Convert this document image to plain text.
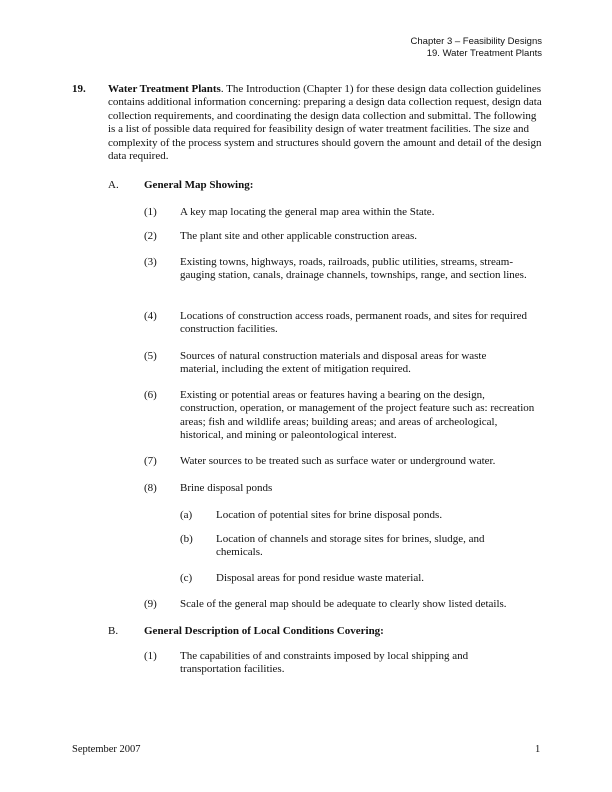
Chapter 3 – Feasibility Designs
19. Water Treatment Plants
19. Water Treatment Plants. The Introduction (Chapter 1) for these design data collection guidelines contains additional information concerning: preparing a design data collection request, design data collection requirements, and coordinating the design data collection and submittal. The following is a list of possible data required for feasibility design of water treatment facilities. The size and complexity of the process system and structures should govern the amount and detail of the design data required.
A. General Map Showing:
(1) A key map locating the general map area within the State.
(2) The plant site and other applicable construction areas.
(3) Existing towns, highways, roads, railroads, public utilities, streams, stream-gauging station, canals, drainage channels, townships, range, and section lines.
(4) Locations of construction access roads, permanent roads, and sites for required construction facilities.
(5) Sources of natural construction materials and disposal areas for waste material, including the extent of mitigation required.
(6) Existing or potential areas or features having a bearing on the design, construction, operation, or management of the project feature such as: recreation areas; fish and wildlife areas; building areas; and areas of archeological, historical, and mining or paleontological interest.
(7) Water sources to be treated such as surface water or underground water.
(8) Brine disposal ponds
(a) Location of potential sites for brine disposal ponds.
(b) Location of channels and storage sites for brines, sludge, and chemicals.
(c) Disposal areas for pond residue waste material.
(9) Scale of the general map should be adequate to clearly show listed details.
B. General Description of Local Conditions Covering:
(1) The capabilities of and constraints imposed by local shipping and transportation facilities.
September 2007	1
